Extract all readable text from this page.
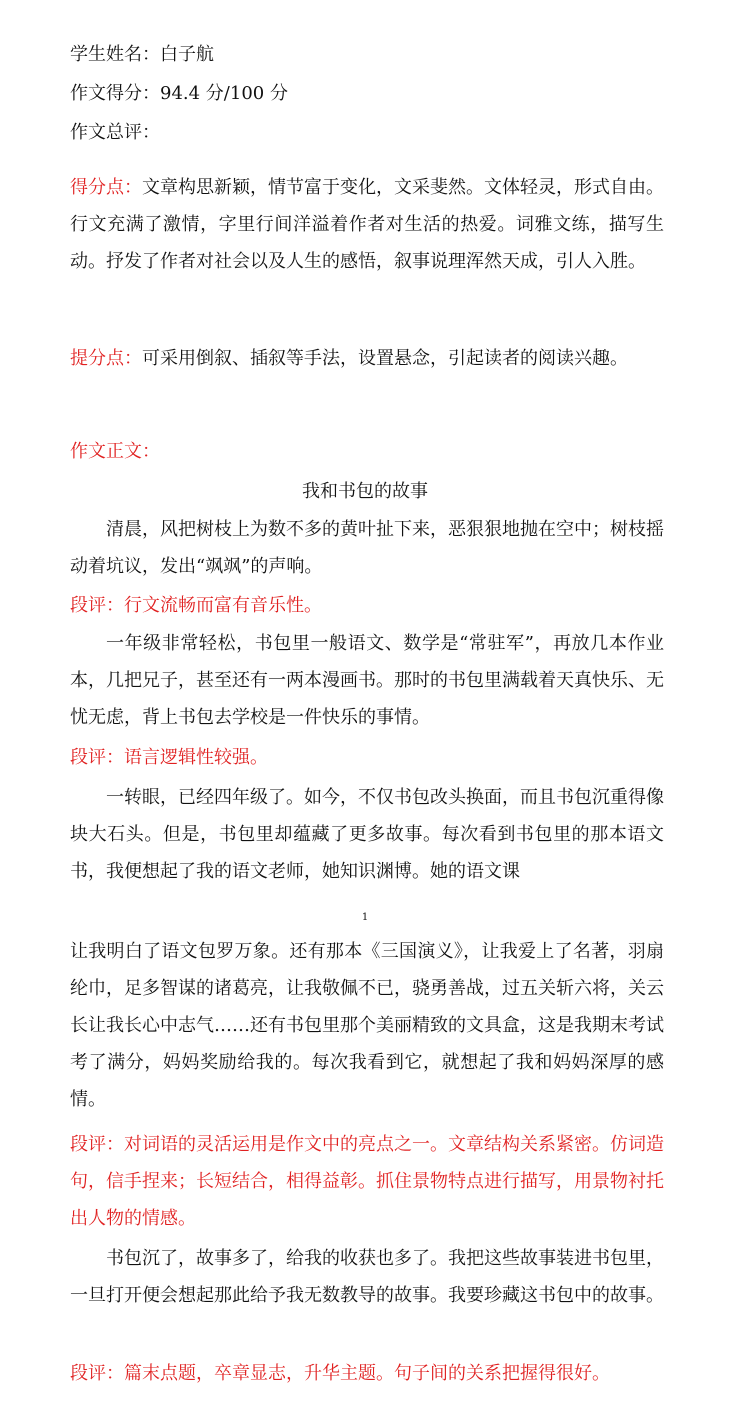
学生姓名：白子航
作文得分：94.4 分/100 分
作文总评：
得分点：文章构思新颖，情节富于变化，文采斐然。文体轻灵，形式自由。行文充满了激情，字里行间洋溢着作者对生活的热爱。词雅文练，描写生动。抒发了作者对社会以及人生的感悟，叙事说理浑然天成，引人入胜。
提分点：可采用倒叙、插叙等手法，设置悬念，引起读者的阅读兴趣。
作文正文：
我和书包的故事
清晨，风把树枝上为数不多的黄叶扯下来，恶狠狠地抛在空中；树枝摇动着坑议，发出“飒飒”的声响。
段评：行文流畅而富有音乐性。
一年级非常轻松，书包里一般语文、数学是“常驻军”，再放几本作业本，几把兄子，甚至还有一两本漫画书。那时的书包里满载着天真快乐、无忧无虑，背上书包去学校是一件快乐的事情。
段评：语言逻辑性较强。
一转眼，已经四年级了。如今，不仅书包改头换面，而且书包沉重得像块大石头。但是，书包里却蕴藏了更多故事。每次看到书包里的那本语文书，我便想起了我的语文老师，她知识渊博。她的语文课
1
让我明白了语文包罗万象。还有那本《三国演义》，让我爱上了名著，羽扇纶巾，足多智谋的诸葛亮，让我敬佩不已，骁勇善战，过五关斩六将，关云长让我长心中志气……还有书包里那个美丽精致的文具盒，这是我期末考试考了满分，妈妈奖励给我的。每次我看到它，就想起了我和妈妈深厚的感情。
段评：对词语的灵活运用是作文中的亮点之一。文章结构关系紧密。仿词造句，信手捏来；长短结合，相得益彰。抓住景物特点进行描写，用景物衬托出人物的情感。
书包沉了，故事多了，给我的收获也多了。我把这些故事装进书包里，一旦打开便会想起那此给予我无数教导的故事。我要珍藏这书包中的故事。
段评：篇末点题，卒章显志，升华主题。句子间的关系把握得很好。
